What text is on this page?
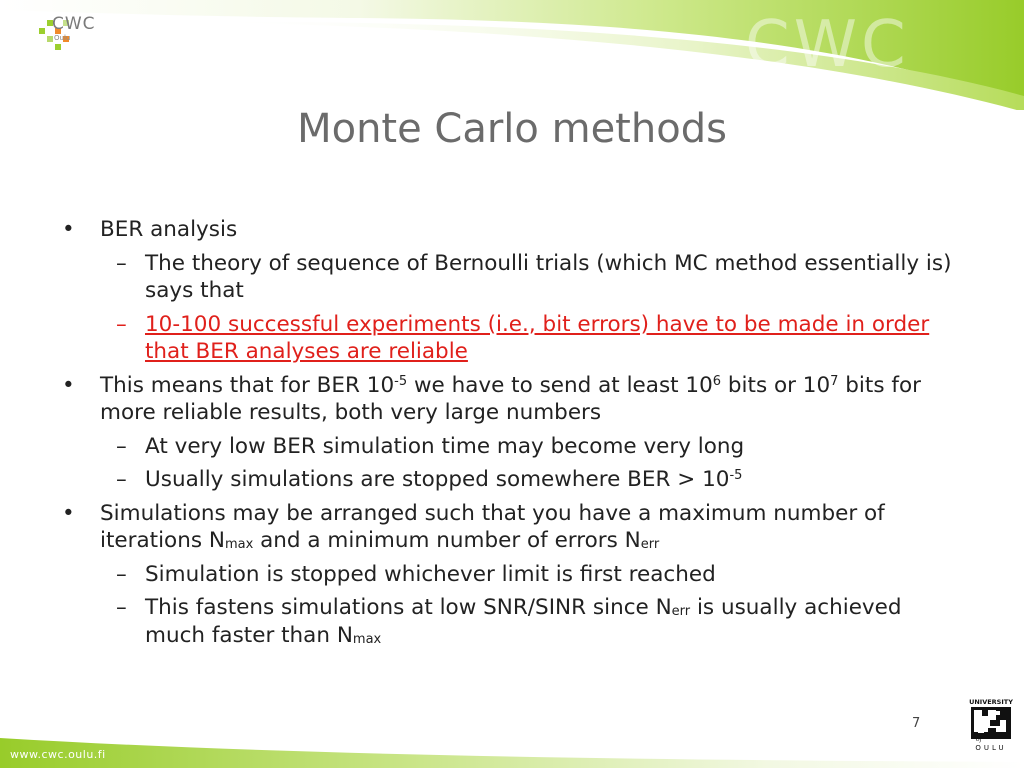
CWC
CWC
Oulu
Monte Carlo methods
• BER analysis
– The theory of sequence of Bernoulli trials (which MC method essentially is) says that
– 10-100 successful experiments (i.e., bit errors) have to be made in order that BER analyses are reliable
• This means that for BER $10^{-5}$ we have to send at least $10^6$ bits or $10^7$ bits for more reliable results, both very large numbers
– At very low BER simulation time may become very long
– Usually simulations are stopped somewhere BER > $10^{-5}$
• Simulations may be arranged such that you have a maximum number of iterations $N_{max}$ and a minimum number of errors $N_{err}$
– Simulation is stopped whichever limit is first reached
– This fastens simulations at low SNR/SINR since $N_{err}$ is usually achieved much faster than $N_{max}$
www.cwc.oulu.fi
7
UNIVERSITY
of
OULU
